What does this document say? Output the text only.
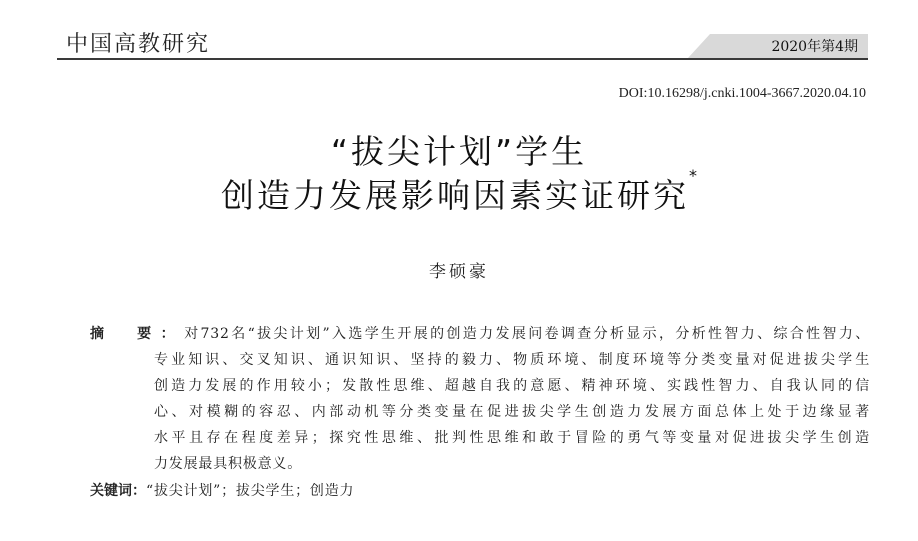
中国高教研究	2020年第4期
DOI:10.16298/j.cnki.1004-3667.2020.04.10
“拔尖计划”学生
创造力发展影响因素实证研究*
李硕豪
摘　要：对732名“拔尖计划”入选学生开展的创造力发展问卷调查分析显示，分析性智力、综合性智力、
专业知识、交叉知识、通识知识、坚持的毅力、物质环境、制度环境等分类变量对促进拔尖学生
创造力发展的作用较小；发散性思维、超越自我的意愿、精神环境、实践性智力、自我认同的信
心、对模糊的容忍、内部动机等分类变量在促进拔尖学生创造力发展方面总体上处于边缘显著
水平且存在程度差异；探究性思维、批判性思维和敢于冒险的勇气等变量对促进拔尖学生创造
力发展最具积极意义。
关键词：“拔尖计划”；拔尖学生；创造力
